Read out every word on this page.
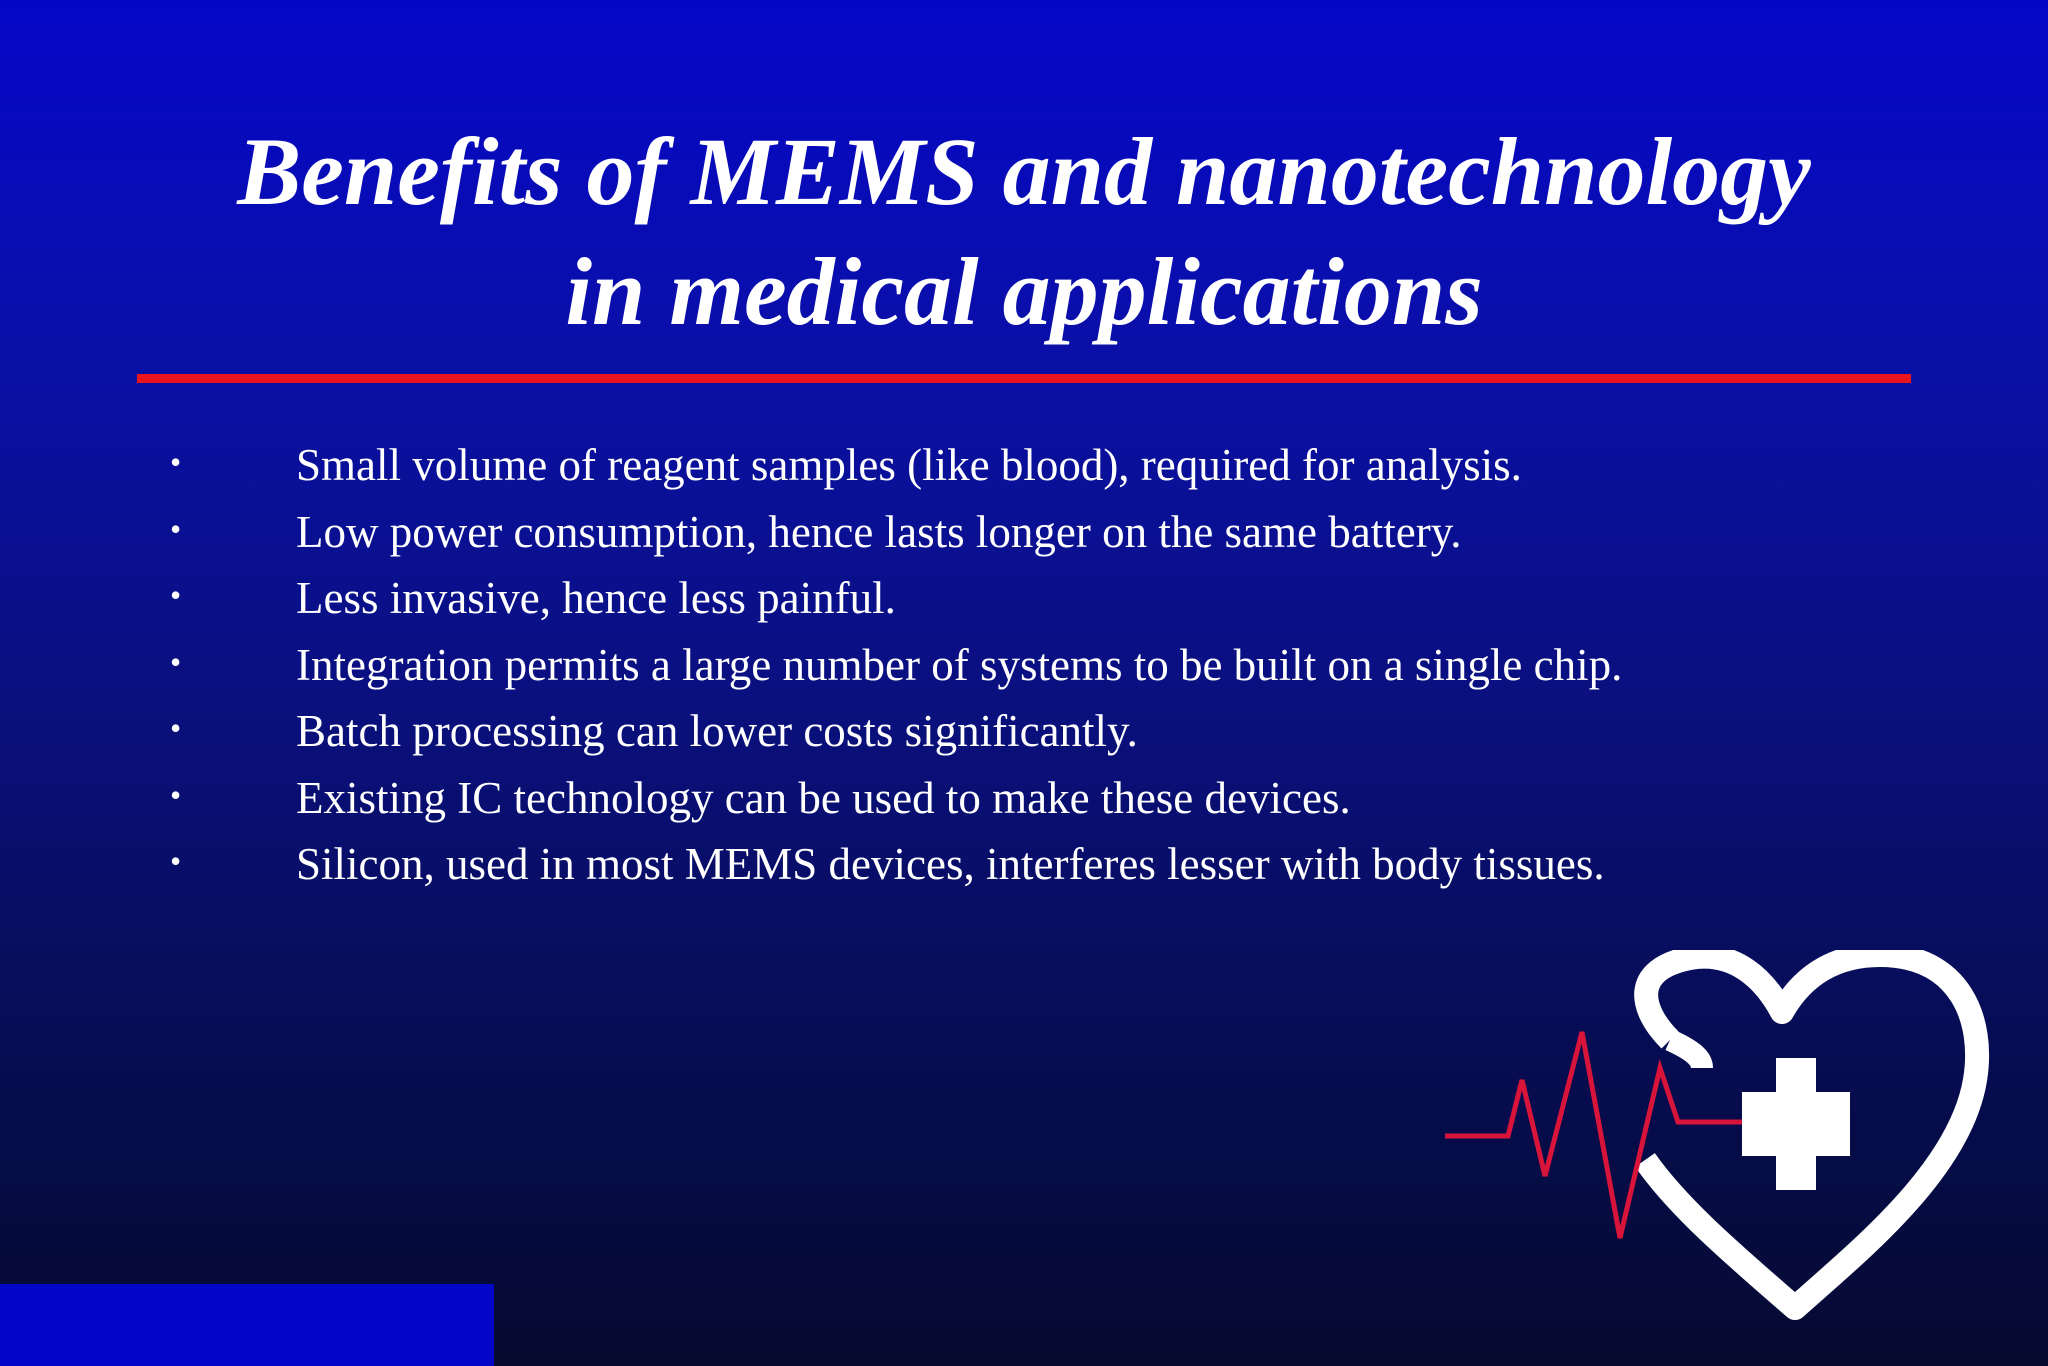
Benefits of MEMS and nanotechnology
in medical applications
•	Small volume of reagent samples (like blood), required for analysis.
•	Low power consumption, hence lasts longer on the same battery.
•	Less invasive, hence less painful.
•	Integration permits a large number of systems to be built on a single chip.
•	Batch processing can lower costs significantly.
•	Existing IC technology can be used to make these devices.
•	Silicon, used in most MEMS devices, interferes lesser with body tissues.
